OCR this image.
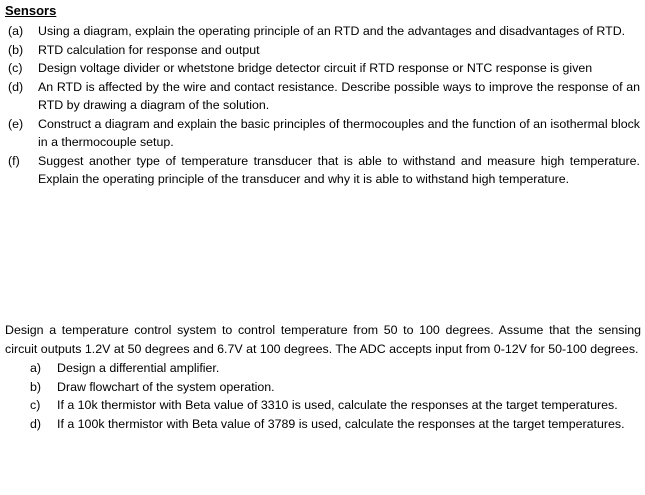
Sensors
(a)	Using a diagram, explain the operating principle of an RTD and the advantages and disadvantages of RTD.
(b)	RTD calculation for response and output
(c)	Design voltage divider or whetstone bridge detector circuit if RTD response or NTC response is given
(d)	An RTD is affected by the wire and contact resistance. Describe possible ways to improve the response of an RTD by drawing a diagram of the solution.
(e)	Construct a diagram and explain the basic principles of thermocouples and the function of an isothermal block in a thermocouple setup.
(f)	Suggest another type of temperature transducer that is able to withstand and measure high temperature. Explain the operating principle of the transducer and why it is able to withstand high temperature.

Design a temperature control system to control temperature from 50 to 100 degrees. Assume that the sensing circuit outputs 1.2V at 50 degrees and 6.7V at 100 degrees. The ADC accepts input from 0-12V for 50-100 degrees.

a)	Design a differential amplifier.
b)	Draw flowchart of the system operation.
c)	If a 10k thermistor with Beta value of 3310 is used, calculate the responses at the target temperatures.
d)	If a 100k thermistor with Beta value of 3789 is used, calculate the responses at the target temperatures.
